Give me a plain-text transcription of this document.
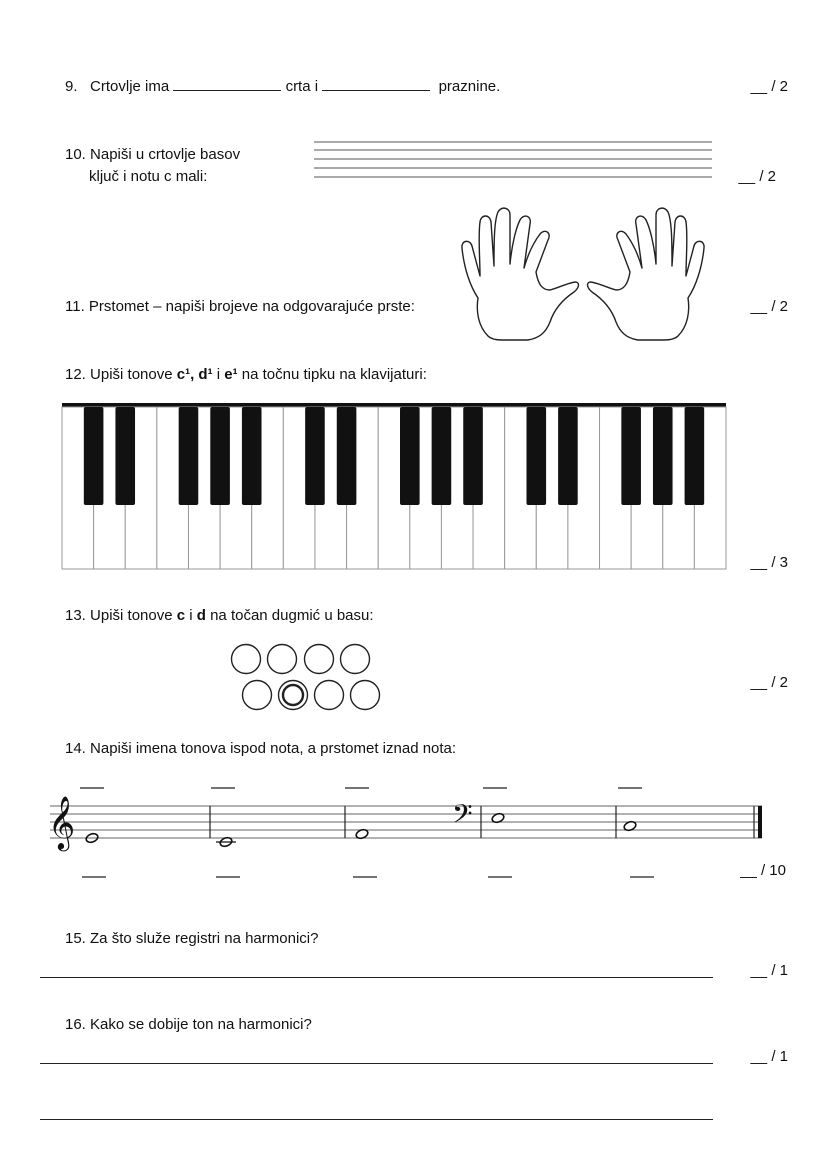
9. Crtovlje ima	crta i	praznine.	__ / 2
10. Napiši u crtovlje basov
ključ i notu c mali:	__ / 2
11. Prstomet – napiši brojeve na odgovarajuće prste:	__ / 2
12. Upiši tonove c¹, d¹ i e¹ na točnu tipku na klavijaturi:
__ / 3
13. Upiši tonove c i d na točan dugmić u basu:
__ / 2
14. Napiši imena tonova ispod nota, a prstomet iznad nota:
𝄞	𝄢
__ / 10
15. Za što služe registri na harmonici?
__ / 1
16. Kako se dobije ton na harmonici?
__ / 1
